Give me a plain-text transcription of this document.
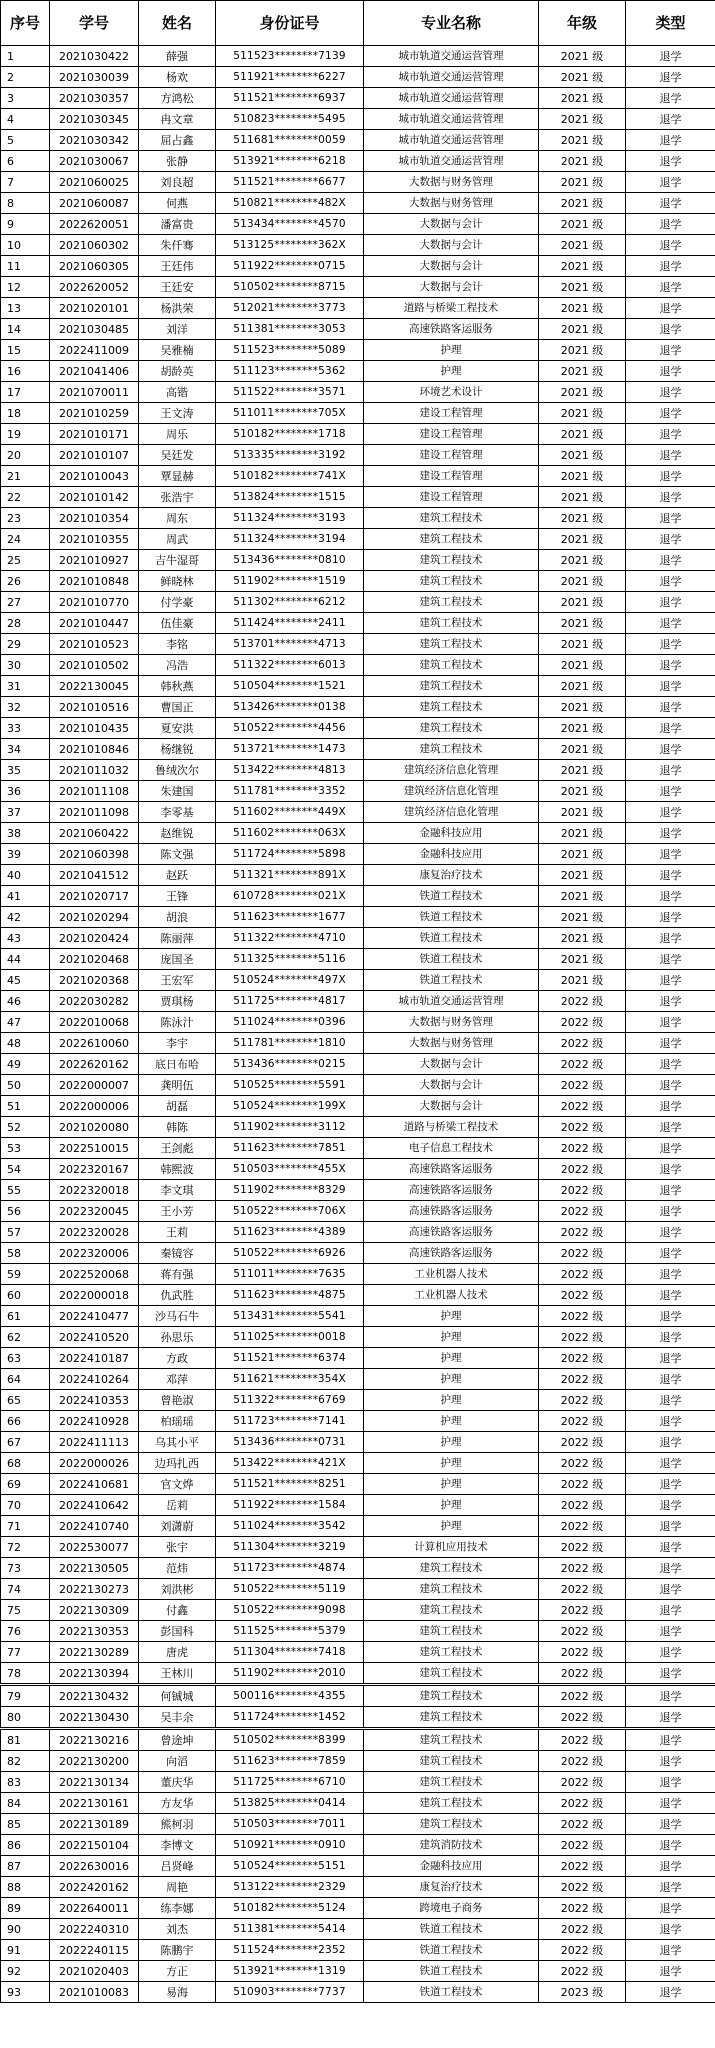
序号	学号	姓名	身份证号	专业名称	年级	类型
1	2021030422	薛强	511523********7139	城市轨道交通运营管理	2021 级	退学
2	2021030039	杨欢	511921********6227	城市轨道交通运营管理	2021 级	退学
3	2021030357	方鸿松	511521********6937	城市轨道交通运营管理	2021 级	退学
4	2021030345	冉文章	510823********5495	城市轨道交通运营管理	2021 级	退学
5	2021030342	屈占鑫	511681********0059	城市轨道交通运营管理	2021 级	退学
6	2021030067	张静	513921********6218	城市轨道交通运营管理	2021 级	退学
7	2021060025	刘良超	511521********6677	大数据与财务管理	2021 级	退学
8	2021060087	何燕	510821********482X	大数据与财务管理	2021 级	退学
9	2022620051	潘富贵	513434********4570	大数据与会计	2021 级	退学
10	2021060302	朱仟骞	513125********362X	大数据与会计	2021 级	退学
11	2021060305	王廷伟	511922********0715	大数据与会计	2021 级	退学
12	2022620052	王廷安	510502********8715	大数据与会计	2021 级	退学
13	2021020101	杨洪荣	512021********3773	道路与桥梁工程技术	2021 级	退学
14	2021030485	刘洋	511381********3053	高速铁路客运服务	2021 级	退学
15	2022411009	吴雅楠	511523********5089	护理	2021 级	退学
16	2021041406	胡龄英	511123********5362	护理	2021 级	退学
17	2021070011	高锴	511522********3571	环境艺术设计	2021 级	退学
18	2021010259	王文涛	511011********705X	建设工程管理	2021 级	退学
19	2021010171	周乐	510182********1718	建设工程管理	2021 级	退学
20	2021010107	吴廷发	513335********3192	建设工程管理	2021 级	退学
21	2021010043	覃显赫	510182********741X	建设工程管理	2021 级	退学
22	2021010142	张浩宇	513824********1515	建设工程管理	2021 级	退学
23	2021010354	周东	511324********3193	建筑工程技术	2021 级	退学
24	2021010355	周武	511324********3194	建筑工程技术	2021 级	退学
25	2021010927	吉牛湿哥	513436********0810	建筑工程技术	2021 级	退学
26	2021010848	鲜晓林	511902********1519	建筑工程技术	2021 级	退学
27	2021010770	付学豪	511302********6212	建筑工程技术	2021 级	退学
28	2021010447	伍佳豪	511424********2411	建筑工程技术	2021 级	退学
29	2021010523	李铭	513701********4713	建筑工程技术	2021 级	退学
30	2021010502	冯浩	511322********6013	建筑工程技术	2021 级	退学
31	2022130045	韩秋燕	510504********1521	建筑工程技术	2021 级	退学
32	2021010516	曹国正	513426********0138	建筑工程技术	2021 级	退学
33	2021010435	夏安洪	510522********4456	建筑工程技术	2021 级	退学
34	2021010846	杨继锐	513721********1473	建筑工程技术	2021 级	退学
35	2021011032	鲁绒次尔	513422********4813	建筑经济信息化管理	2021 级	退学
36	2021011108	朱建国	511781********3352	建筑经济信息化管理	2021 级	退学
37	2021011098	李零基	511602********449X	建筑经济信息化管理	2021 级	退学
38	2021060422	赵维锐	511602********063X	金融科技应用	2021 级	退学
39	2021060398	陈文强	511724********5898	金融科技应用	2021 级	退学
40	2021041512	赵跃	511321********891X	康复治疗技术	2021 级	退学
41	2021020717	王锋	610728********021X	铁道工程技术	2021 级	退学
42	2021020294	胡浪	511623********1677	铁道工程技术	2021 级	退学
43	2021020424	陈丽萍	511322********4710	铁道工程技术	2021 级	退学
44	2021020468	庞国圣	511325********5116	铁道工程技术	2021 级	退学
45	2021020368	王宏军	510524********497X	铁道工程技术	2021 级	退学
46	2022030282	贾琪杨	511725********4817	城市轨道交通运营管理	2022 级	退学
47	2022010068	陈泳汁	511024********0396	大数据与财务管理	2022 级	退学
48	2022610060	李宇	511781********1810	大数据与财务管理	2022 级	退学
49	2022620162	底日布哈	513436********0215	大数据与会计	2022 级	退学
50	2022000007	龚明伍	510525********5591	大数据与会计	2022 级	退学
51	2022000006	胡磊	510524********199X	大数据与会计	2022 级	退学
52	2021020080	韩陈	511902********3112	道路与桥梁工程技术	2022 级	退学
53	2022510015	王剑彪	511623********7851	电子信息工程技术	2022 级	退学
54	2022320167	韩熙波	510503********455X	高速铁路客运服务	2022 级	退学
55	2022320018	李文琪	511902********8329	高速铁路客运服务	2022 级	退学
56	2022320045	王小芳	510522********706X	高速铁路客运服务	2022 级	退学
57	2022320028	王莉	511623********4389	高速铁路客运服务	2022 级	退学
58	2022320006	秦镜容	510522********6926	高速铁路客运服务	2022 级	退学
59	2022520068	蒋有强	511011********7635	工业机器人技术	2022 级	退学
60	2022000018	仇武胜	511623********4875	工业机器人技术	2022 级	退学
61	2022410477	沙马石牛	513431********5541	护理	2022 级	退学
62	2022410520	孙思乐	511025********0018	护理	2022 级	退学
63	2022410187	方政	511521********6374	护理	2022 级	退学
64	2022410264	邓萍	511621********354X	护理	2022 级	退学
65	2022410353	曾艳淑	511322********6769	护理	2022 级	退学
66	2022410928	柏瑶瑶	511723********7141	护理	2022 级	退学
67	2022411113	乌其小平	513436********0731	护理	2022 级	退学
68	2022000026	边玛扎西	513422********421X	护理	2022 级	退学
69	2022410681	官文烨	511521********8251	护理	2022 级	退学
70	2022410642	岳莉	511922********1584	护理	2022 级	退学
71	2022410740	刘潇蔚	511024********3542	护理	2022 级	退学
72	2022530077	张宇	511304********3219	计算机应用技术	2022 级	退学
73	2022130505	范炜	511723********4874	建筑工程技术	2022 级	退学
74	2022130273	刘洪彬	510522********5119	建筑工程技术	2022 级	退学
75	2022130309	付鑫	510522********9098	建筑工程技术	2022 级	退学
76	2022130353	彭国科	511525********5379	建筑工程技术	2022 级	退学
77	2022130289	唐虎	511304********7418	建筑工程技术	2022 级	退学
78	2022130394	王林川	511902********2010	建筑工程技术	2022 级	退学
79	2022130432	何铖城	500116********4355	建筑工程技术	2022 级	退学
80	2022130430	吴丰余	511724********1452	建筑工程技术	2022 级	退学
81	2022130216	曾途坤	510502********8399	建筑工程技术	2022 级	退学
82	2022130200	向滔	511623********7859	建筑工程技术	2022 级	退学
83	2022130134	董庆华	511725********6710	建筑工程技术	2022 级	退学
84	2022130161	方友华	513825********0414	建筑工程技术	2022 级	退学
85	2022130189	熊柯羽	510503********7011	建筑工程技术	2022 级	退学
86	2022150104	李博文	510921********0910	建筑消防技术	2022 级	退学
87	2022630016	吕贤峰	510524********5151	金融科技应用	2022 级	退学
88	2022420162	周艳	513122********2329	康复治疗技术	2022 级	退学
89	2022640011	练李娜	510182********5124	跨境电子商务	2022 级	退学
90	2022240310	刘杰	511381********5414	铁道工程技术	2022 级	退学
91	2022240115	陈鹏宇	511524********2352	铁道工程技术	2022 级	退学
92	2021020403	方正	513921********1319	铁道工程技术	2022 级	退学
93	2021010083	易海	510903********7737	铁道工程技术	2023 级	退学
